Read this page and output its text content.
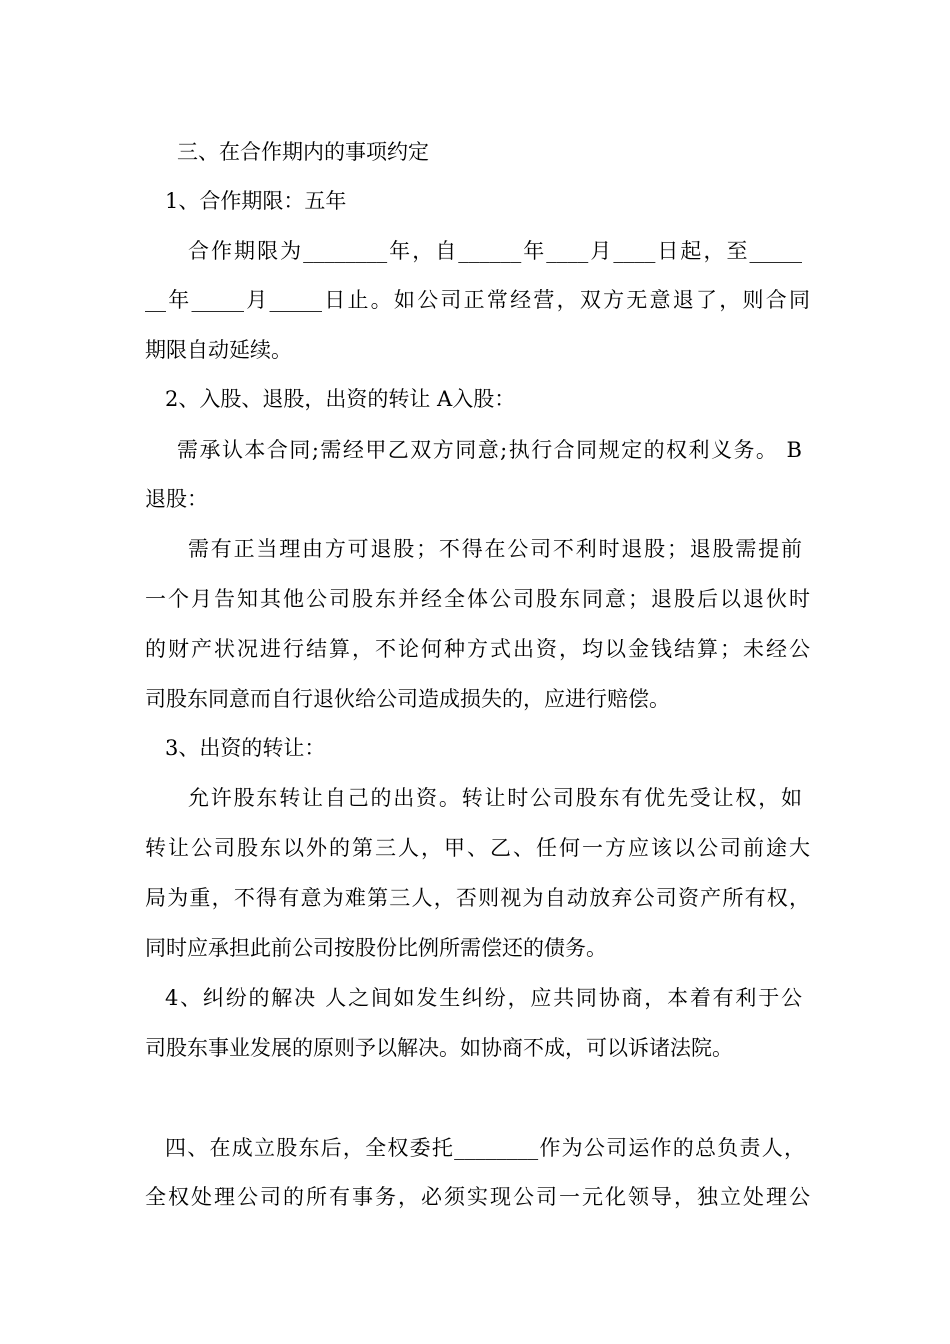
三、在合作期内的事项约定
1、合作期限：五年
合作期限为________年，自______年____月____日起，至_____
__年_____月_____日止。如公司正常经营，双方无意退了，则合同
期限自动延续。
2、入股、退股，出资的转让 A入股：
需承认本合同;需经甲乙双方同意;执行合同规定的权利义务。 B
退股：
需有正当理由方可退股；不得在公司不利时退股；退股需提前
一个月告知其他公司股东并经全体公司股东同意；退股后以退伙时
的财产状况进行结算，不论何种方式出资，均以金钱结算；未经公
司股东同意而自行退伙给公司造成损失的，应进行赔偿。
3、出资的转让：
允许股东转让自己的出资。转让时公司股东有优先受让权，如
转让公司股东以外的第三人，甲、乙、任何一方应该以公司前途大
局为重，不得有意为难第三人，否则视为自动放弃公司资产所有权，
同时应承担此前公司按股份比例所需偿还的债务。
4、纠纷的解决 人之间如发生纠纷，应共同协商，本着有利于公
司股东事业发展的原则予以解决。如协商不成，可以诉诸法院。
四、在成立股东后，全权委托________作为公司运作的总负责人，
全权处理公司的所有事务，必须实现公司一元化领导，独立处理公
